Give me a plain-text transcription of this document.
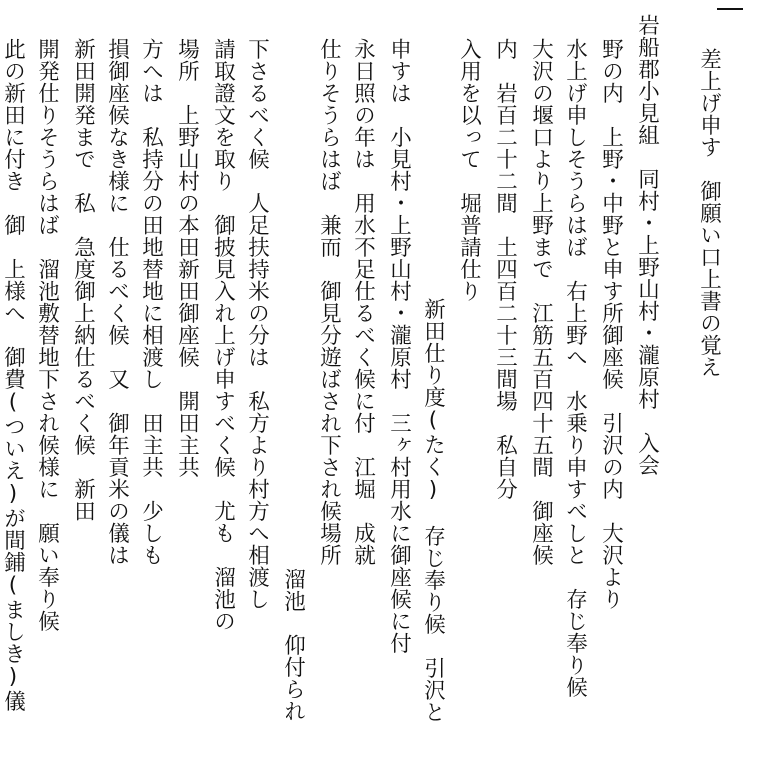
差上げ申す　御願い口上書の覚え
岩船郡小見組　同村・上野山村・瀧原村　入会
野の内　上野・中野と申す所御座候　引沢の内　大沢より
水上げ申しそうらはば　右上野へ　水乗り申すべしと　存じ奉り候
大沢の堰口より上野まで　江筋五百四十五間　御座候
内　岩百二十二間　土四百二十三間場　私自分
入用を以って　堀普請仕り
新田仕り度(たく)　存じ奉り候　引沢と
申すは　小見村・上野山村・瀧原村　三ヶ村用水に御座候に付
永日照の年は　用水不足仕るべく候に付　江堀　成就
仕りそうらはば　兼而　御見分遊ばされ下され候場所
溜池　仰付られ
下さるべく候　人足扶持米の分は　私方より村方へ相渡し
請取證文を取り　御披見入れ上げ申すべく候　尤も　溜池の
場所　上野山村の本田新田御座候　開田主共
方へは　私持分の田地替地に相渡し　田主共　少しも
損御座候なき様に　仕るべく候　又　御年貢米の儀は
新田開発まで　私　急度御上納仕るべく候　新田
開発仕りそうらはば　溜池敷替地下され候様に　願い奉り候
此の新田に付き　御　上様へ　御費(ついえ)が間鋪(ましき)儀
